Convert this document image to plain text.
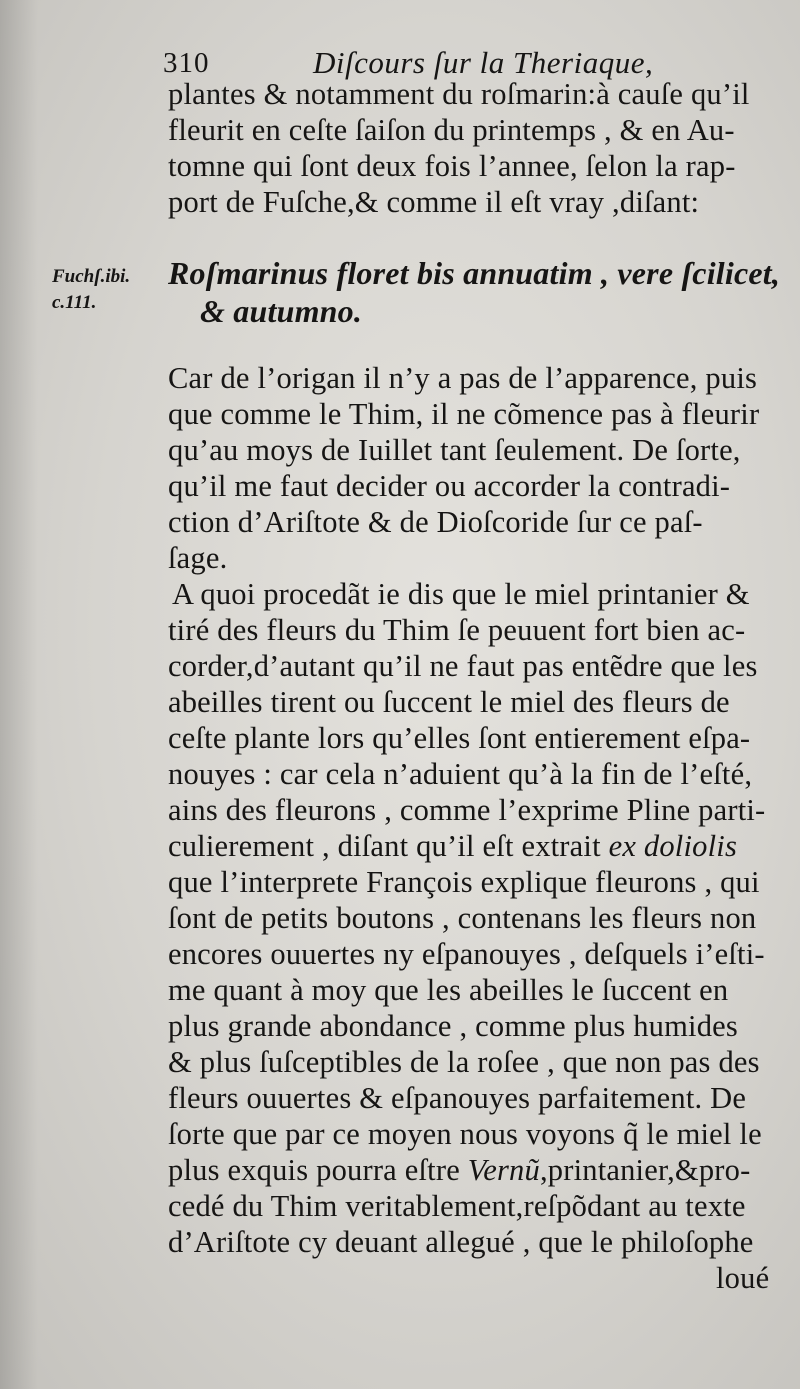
310	Diſcours ſur la Theriaque,
Fuchſ.ibi.
c.111.
plantes & notamment du roſmarin:à cauſe qu’il
fleurit en ceſte ſaiſon du printemps , & en Au-
tomne qui ſont deux fois l’annee, ſelon la rap-
port de Fuſche,& comme il eſt vray ,diſant:
Roſmarinus floret bis annuatim , vere ſcilicet,
& autumno.
Car de l’origan il n’y a pas de l’apparence, puis
que comme le Thim, il ne cõmence pas à fleurir
qu’au moys de Iuillet tant ſeulement. De ſorte,
qu’il me faut decider ou accorder la contradi-
ction d’Ariſtote & de Dioſcoride ſur ce paſ-
ſage.
A quoi procedãt ie dis que le miel printanier &
tiré des fleurs du Thim ſe peuuent fort bien ac-
corder,d’autant qu’il ne faut pas entẽdre que les
abeilles tirent ou ſuccent le miel des fleurs de
ceſte plante lors qu’elles ſont entierement eſpa-
nouyes : car cela n’aduient qu’à la fin de l’eſté,
ains des fleurons , comme l’exprime Pline parti-
culierement , diſant qu’il eſt extrait ex doliolis
que l’interprete François explique fleurons , qui
ſont de petits boutons , contenans les fleurs non
encores ouuertes ny eſpanouyes , deſquels i’eſti-
me quant à moy que les abeilles le ſuccent en
plus grande abondance , comme plus humides
& plus ſuſceptibles de la roſee , que non pas des
fleurs ouuertes & eſpanouyes parfaitement. De
ſorte que par ce moyen nous voyons q̃ le miel le
plus exquis pourra eſtre Vernũ,printanier,&pro-
cedé du Thim veritablement,reſpõdant au texte
d’Ariſtote cy deuant allegué , que le philoſophe
loué
